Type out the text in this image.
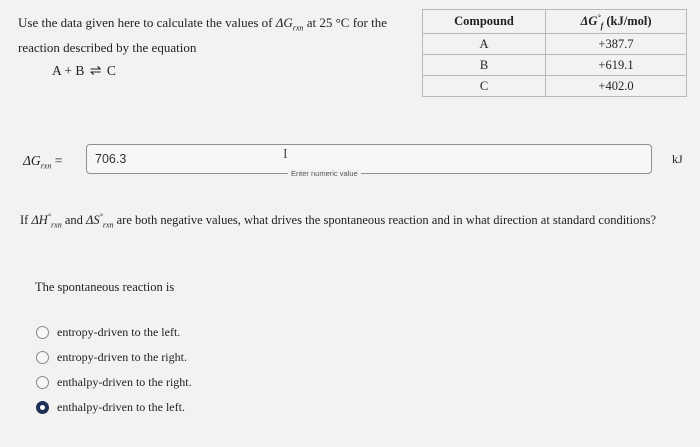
Use the data given here to calculate the values of $\Delta G_{rxn}$ at 25 °C for the reaction described by the equation
A + B ⇌ C
Compound	$\Delta G^\circ_f$ (kJ/mol)
A	+387.7
B	+619.1
C	+402.0
$\Delta G_{rxn}$ =	706.3	I
Enter numeric value
kJ
If $\Delta H^\circ_{rxn}$ and $\Delta S^\circ_{rxn}$ are both negative values, what drives the spontaneous reaction and in what direction at standard conditions?
The spontaneous reaction is
entropy-driven to the left.
entropy-driven to the right.
enthalpy-driven to the right.
enthalpy-driven to the left.
